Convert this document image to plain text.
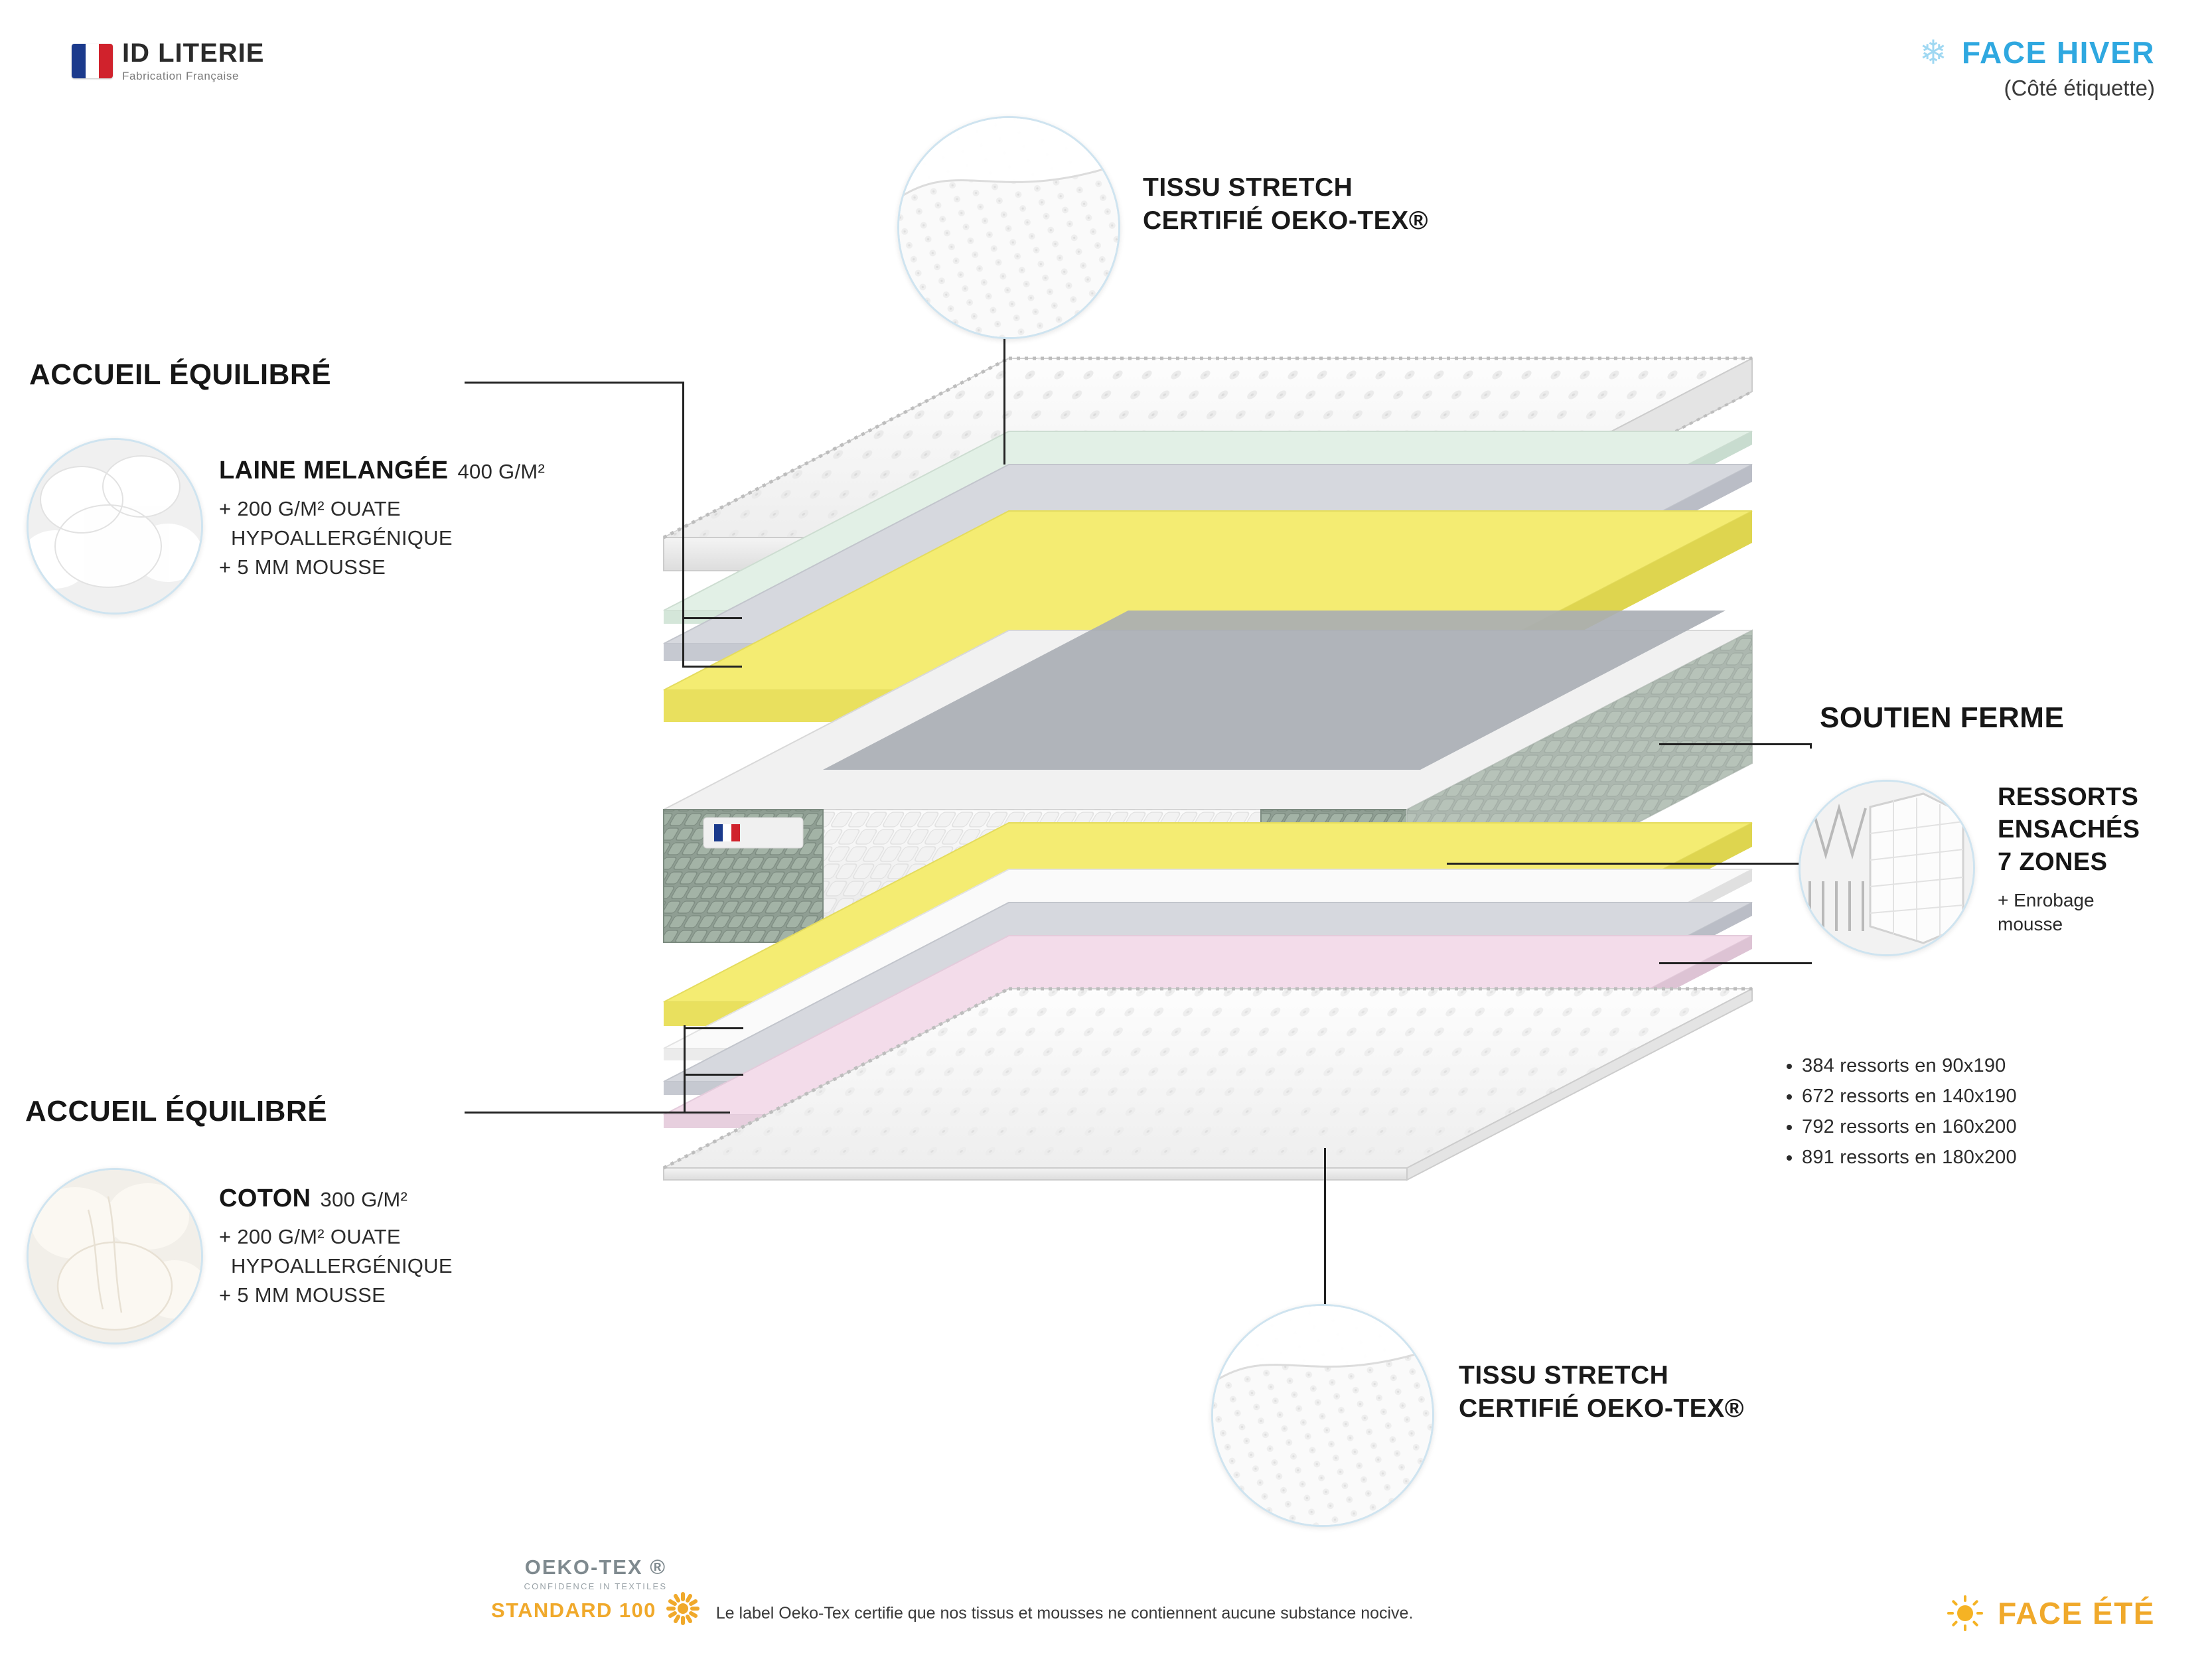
ID LITERIE
Fabrication Française
❄ FACE HIVER
(Côté étiquette)
TISSU STRETCH
CERTIFIÉ OEKO-TEX®
ACCUEIL ÉQUILIBRÉ
LAINE MELANGÉE 400 G/M²
+ 200 G/M² OUATE
HYPOALLERGÉNIQUE
+ 5 MM MOUSSE
SOUTIEN FERME
RESSORTS
ENSACHÉS
7 ZONES
+ Enrobage
mousse
• 384 ressorts en 90x190
• 672 ressorts en 140x190
• 792 ressorts en 160x200
• 891 ressorts en 180x200
ACCUEIL ÉQUILIBRÉ
COTON 300 G/M²
+ 200 G/M² OUATE
HYPOALLERGÉNIQUE
+ 5 MM MOUSSE
TISSU STRETCH
CERTIFIÉ OEKO-TEX®
OEKO-TEX ®
CONFIDENCE IN TEXTILES
STANDARD 100	Le label Oeko-Tex certifie que nos tissus et mousses ne contiennent aucune substance nocive.	FACE ÉTÉ
